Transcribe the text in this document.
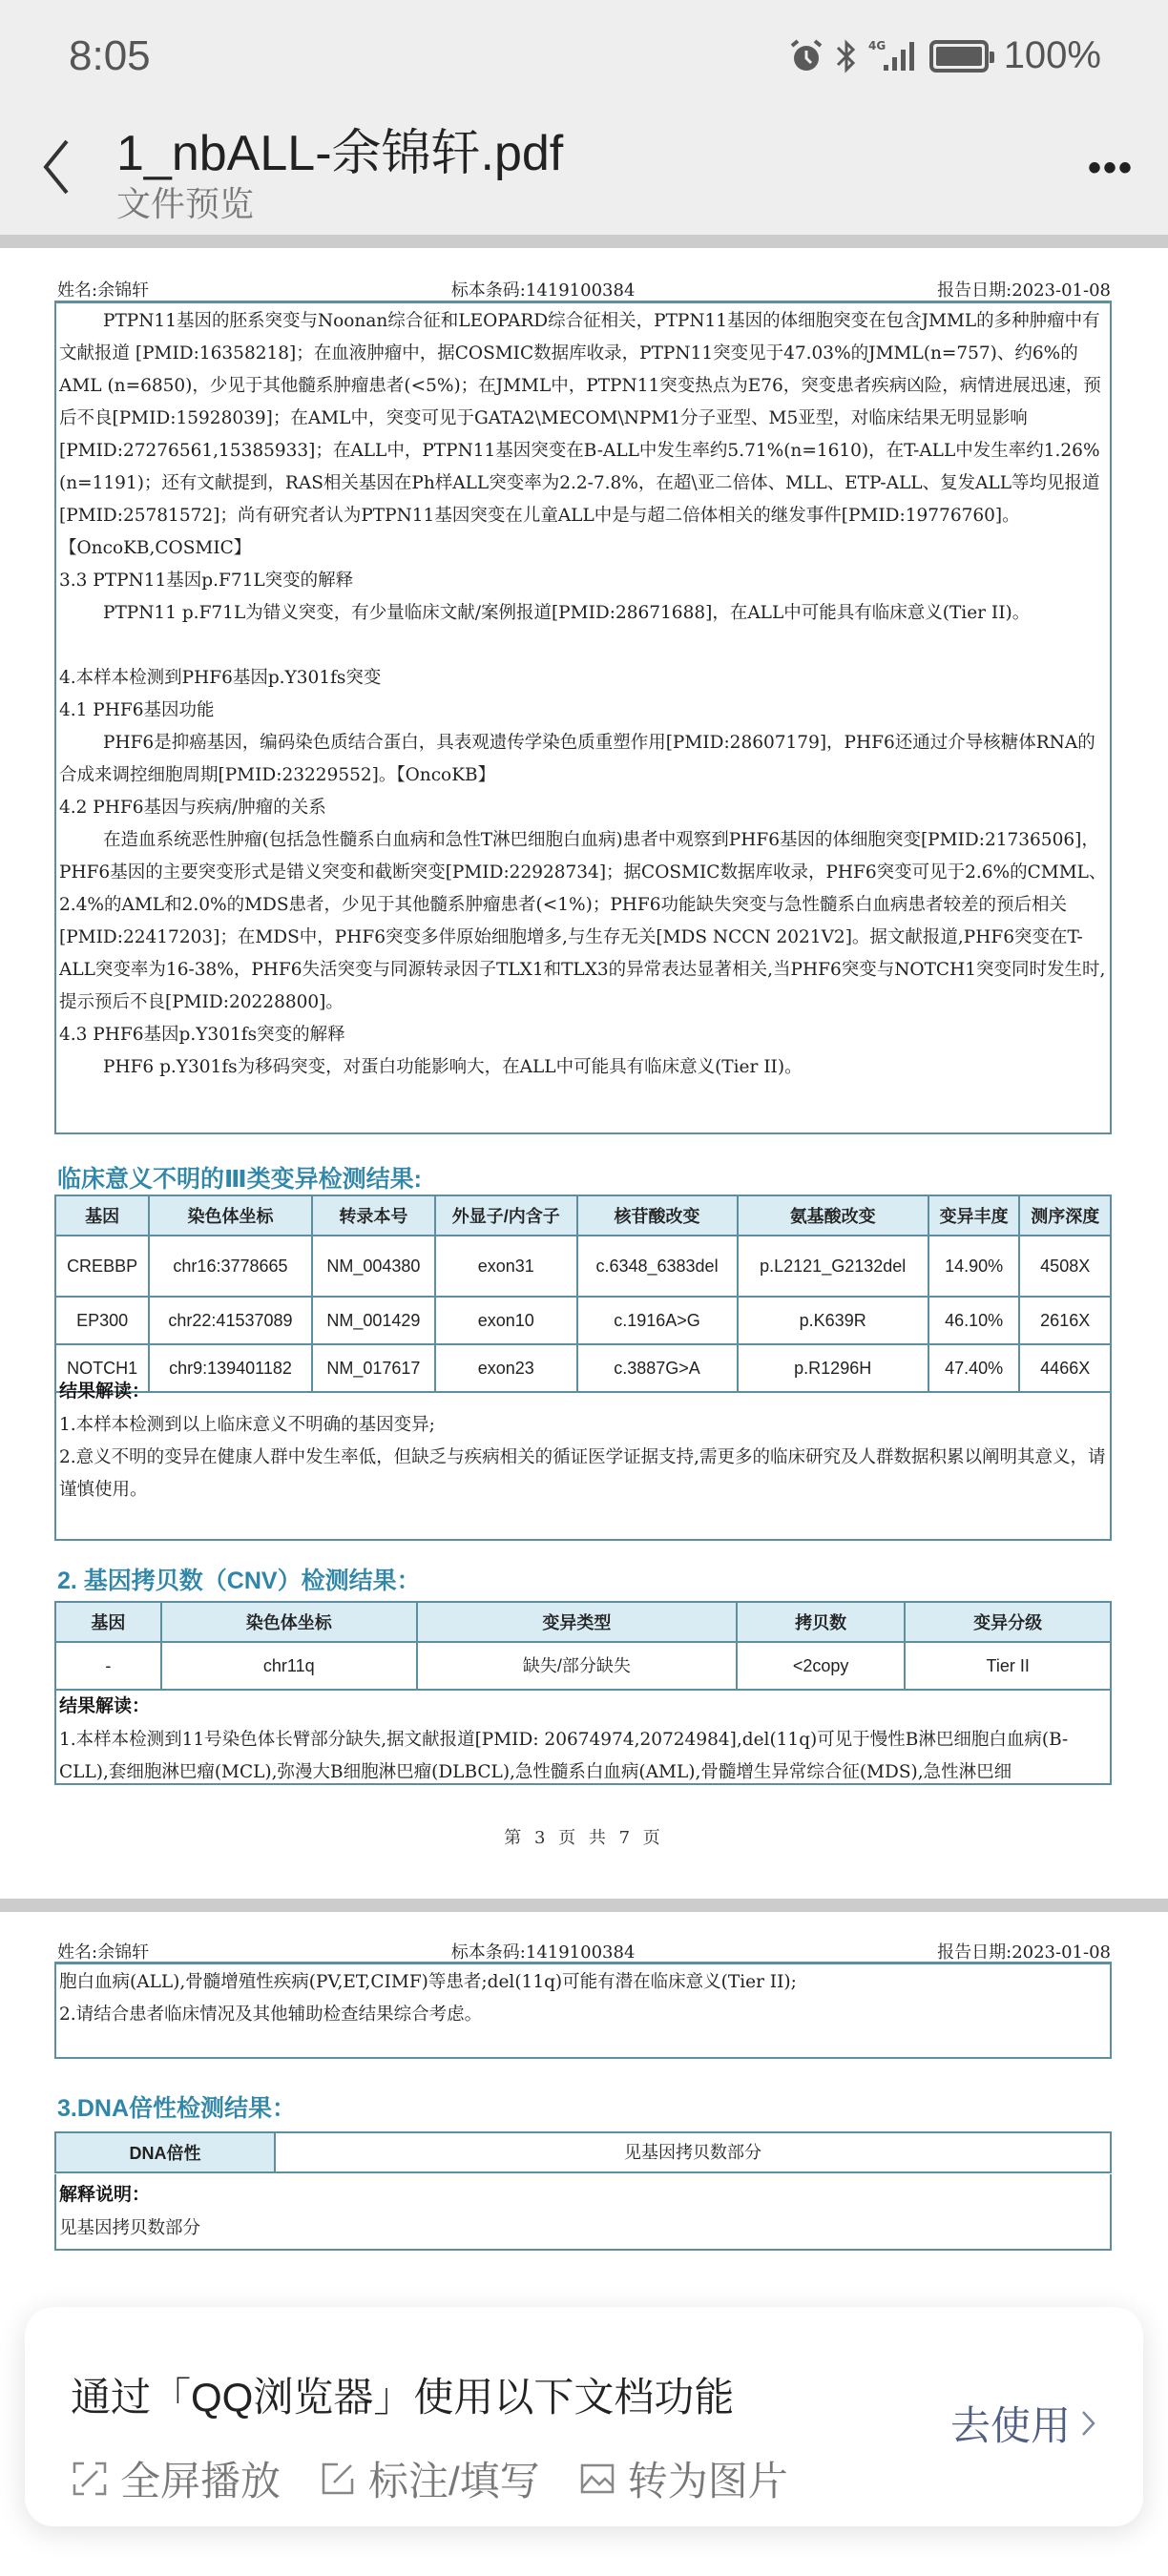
8:05	4G	100%
1_nbALL-余锦轩.pdf
文件预览
•••
姓名:余锦轩	标本条码:1419100384	报告日期:2023-01-08

PTPN11基因的胚系突变与Noonan综合征和LEOPARD综合征相关，PTPN11基因的体细胞突变在包含JMML的多种肿瘤中有文献报道 [PMID:16358218]；在血液肿瘤中，据COSMIC数据库收录，PTPN11突变见于47.03%的JMML(n=757)、约6%的AML (n=6850)，少见于其他髓系肿瘤患者(<5%)；在JMML中，PTPN11突变热点为E76，突变患者疾病凶险，病情进展迅速，预后不良[PMID:15928039]；在AML中，突变可见于GATA2\MECOM\NPM1分子亚型、M5亚型，对临床结果无明显影响[PMID:27276561,15385933]；在ALL中，PTPN11基因突变在B-ALL中发生率约5.71%(n=1610)，在T-ALL中发生率约1.26%(n=1191)；还有文献提到，RAS相关基因在Ph样ALL突变率为2.2-7.8%，在超\亚二倍体、MLL、ETP-ALL、复发ALL等均见报道[PMID:25781572]；尚有研究者认为PTPN11基因突变在儿童ALL中是与超二倍体相关的继发事件[PMID:19776760]。【OncoKB,COSMIC】

3.3 PTPN11基因p.F71L突变的解释

PTPN11 p.F71L为错义突变，有少量临床文献/案例报道[PMID:28671688]，在ALL中可能具有临床意义(Tier II)。

4.本样本检测到PHF6基因p.Y301fs突变

4.1 PHF6基因功能

PHF6是抑癌基因，编码染色质结合蛋白，具表观遗传学染色质重塑作用[PMID:28607179]，PHF6还通过介导核糖体RNA的合成来调控细胞周期[PMID:23229552]。【OncoKB】

4.2 PHF6基因与疾病/肿瘤的关系

在造血系统恶性肿瘤(包括急性髓系白血病和急性T淋巴细胞白血病)患者中观察到PHF6基因的体细胞突变[PMID:21736506]，PHF6基因的主要突变形式是错义突变和截断突变[PMID:22928734]；据COSMIC数据库收录，PHF6突变可见于2.6%的CMML、2.4%的AML和2.0%的MDS患者，少见于其他髓系肿瘤患者(<1%)；PHF6功能缺失突变与急性髓系白血病患者较差的预后相关[PMID:22417203]；在MDS中，PHF6突变多伴原始细胞增多,与生存无关[MDS NCCN 2021V2]。据文献报道,PHF6突变在T-ALL突变率为16-38%，PHF6失活突变与同源转录因子TLX1和TLX3的异常表达显著相关,当PHF6突变与NOTCH1突变同时发生时,提示预后不良[PMID:20228800]。

4.3 PHF6基因p.Y301fs突变的解释

PHF6 p.Y301fs为移码突变，对蛋白功能影响大，在ALL中可能具有临床意义(Tier II)。

临床意义不明的Ⅲ类变异检测结果:
基因	染色体坐标	转录本号	外显子/内含子	核苷酸改变	氨基酸改变	变异丰度	测序深度
CREBBP	chr16:3778665	NM_004380	exon31	c.6348_6383del	p.L2121_G2132del	14.90%	4508X
EP300	chr22:41537089	NM_001429	exon10	c.1916A>G	p.K639R	46.10%	2616X
NOTCH1	chr9:139401182	NM_017617	exon23	c.3887G>A	p.R1296H	47.40%	4466X
结果解读：

1.本样本检测到以上临床意义不明确的基因变异;

2.意义不明的变异在健康人群中发生率低，但缺乏与疾病相关的循证医学证据支持,需更多的临床研究及人群数据积累以阐明其意义，请谨慎使用。

2. 基因拷贝数（CNV）检测结果：
基因	染色体坐标	变异类型	拷贝数	变异分级
-	chr11q	缺失/部分缺失	<2copy	Tier II
结果解读：

1.本样本检测到11号染色体长臂部分缺失,据文献报道[PMID: 20674974,20724984],del(11q)可见于慢性B淋巴细胞白血病(B-CLL),套细胞淋巴瘤(MCL),弥漫大B细胞淋巴瘤(DLBCL),急性髓系白血病(AML),骨髓增生异常综合征(MDS),急性淋巴细

第 3 页 共 7 页
姓名:余锦轩	标本条码:1419100384	报告日期:2023-01-08

胞白血病(ALL),骨髓增殖性疾病(PV,ET,CIMF)等患者;del(11q)可能有潜在临床意义(Tier II);

2.请结合患者临床情况及其他辅助检查结果综合考虑。

3.DNA倍性检测结果：
DNA倍性	见基因拷贝数部分
解释说明：
见基因拷贝数部分
通过「QQ浏览器」使用以下文档功能
全屏播放 标注/填写 转为图片
去使用
